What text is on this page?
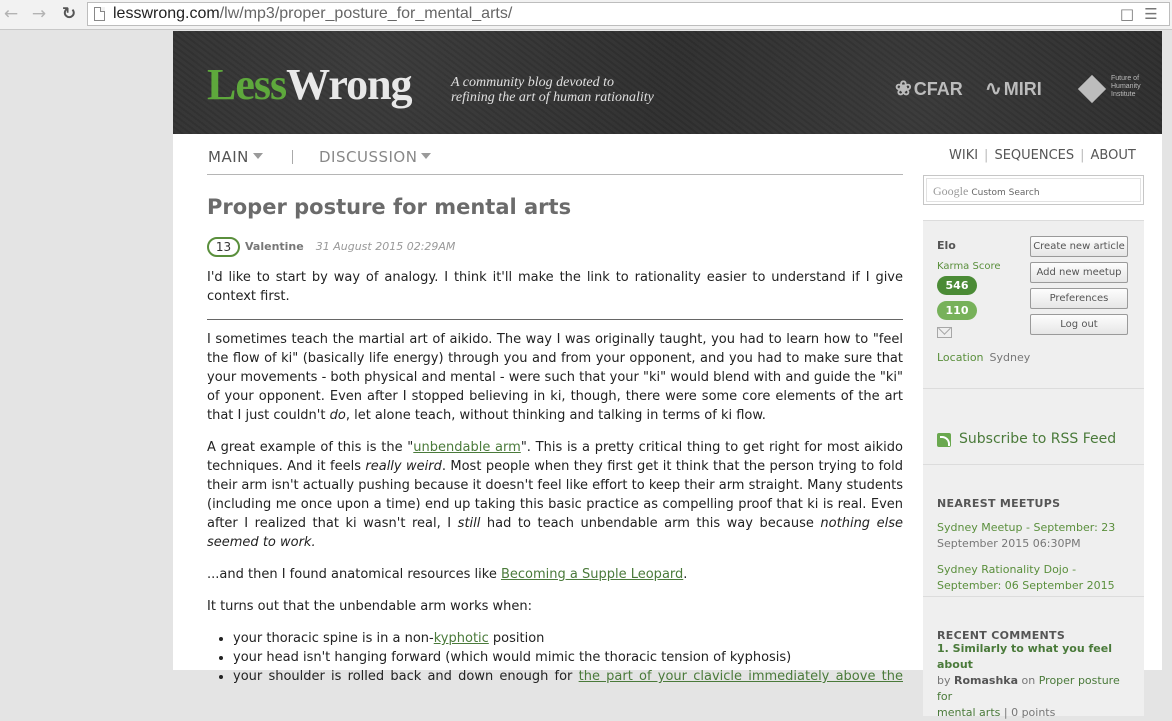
← → ↻ lesswrong.com/lw/mp3/proper_posture_for_mental_arts/	□ ☰
LessWrong	A community blog devoted to
refining the art of human rationality	❀ CFAR ∿ MIRI
Future of
Humanity
Institute
MAIN	DISCUSSION	WIKI | SEQUENCES | ABOUT
Proper posture for mental arts
13 Valentine 31 August 2015 02:29AM

I'd like to start by way of analogy. I think it'll make the link to rationality easier to understand if I give context first.

I sometimes teach the martial art of aikido. The way I was originally taught, you had to learn how to "feel the flow of ki" (basically life energy) through you and from your opponent, and you had to make sure that your movements - both physical and mental - were such that your "ki" would blend with and guide the "ki" of your opponent. Even after I stopped believing in ki, though, there were some core elements of the art that I just couldn't do, let alone teach, without thinking and talking in terms of ki flow.

A great example of this is the "unbendable arm". This is a pretty critical thing to get right for most aikido techniques. And it feels really weird. Most people when they first get it think that the person trying to fold their arm isn't actually pushing because it doesn't feel like effort to keep their arm straight. Many students (including me once upon a time) end up taking this basic practice as compelling proof that ki is real. Even after I realized that ki wasn't real, I still had to teach unbendable arm this way because nothing else seemed to work.

...and then I found anatomical resources like Becoming a Supple Leopard.

It turns out that the unbendable arm works when:

• your thoracic spine is in a non-kyphotic position
• your head isn't hanging forward (which would mimic the thoracic tension of kyphosis)
• your shoulder is rolled back and down enough for the part of your clavicle immediately above the
Google Custom Search
Elo
Karma Score
546
110
Location Sydney
Create new article
Add new meetup
Preferences
Log out
Subscribe to RSS Feed
NEAREST MEETUPS
Sydney Meetup - September: 23
September 2015 06:30PM
Sydney Rationality Dojo -
September: 06 September 2015
RECENT COMMENTS
1. Similarly to what you feel about
by Romashka on Proper posture for
mental arts | 0 points
